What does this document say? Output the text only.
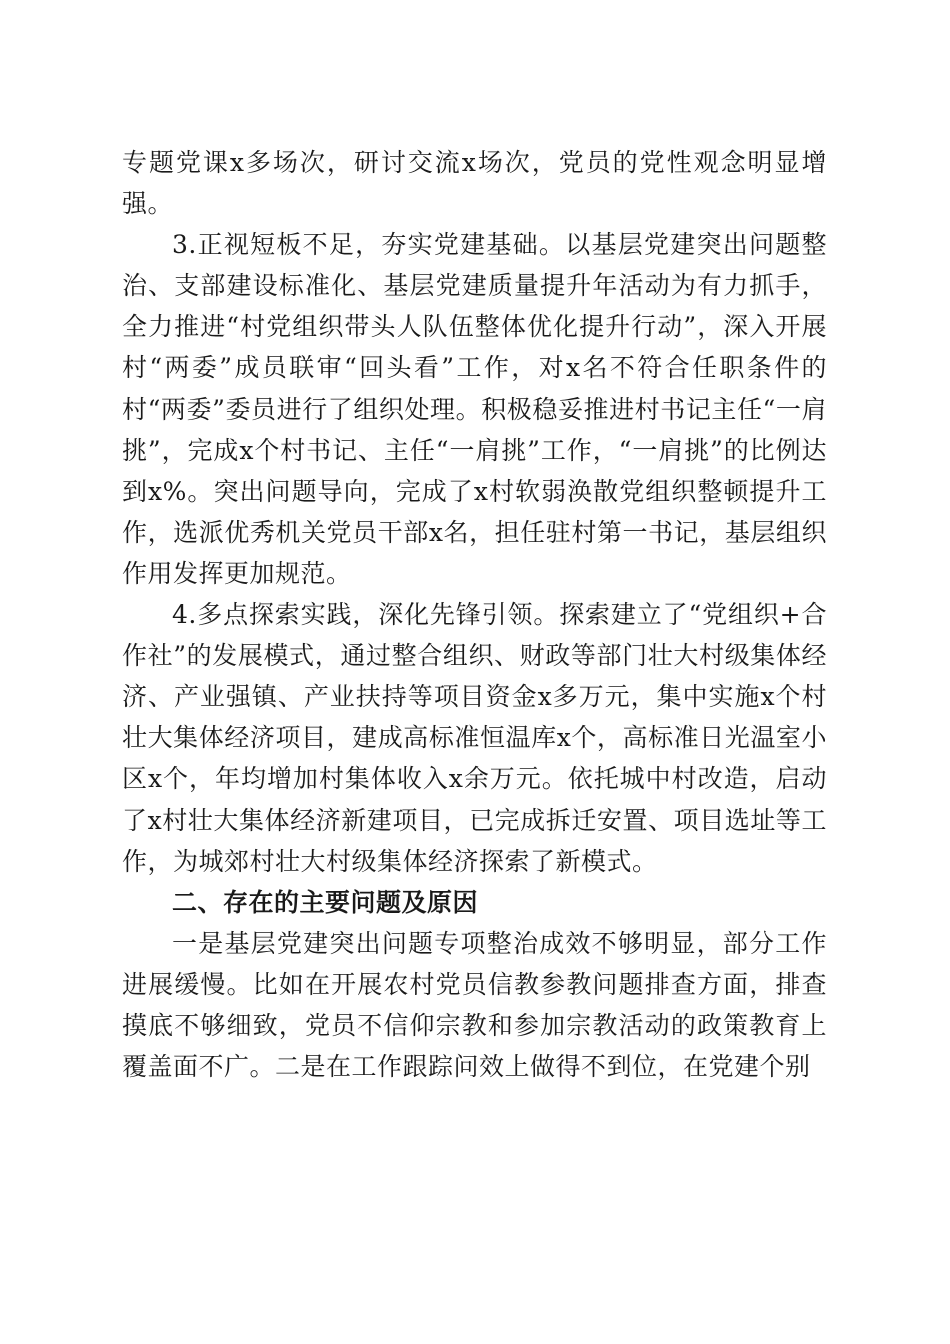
专题党课x多场次，研讨交流x场次，党员的党性观念明显增强。

3.正视短板不足，夯实党建基础。以基层党建突出问题整治、支部建设标准化、基层党建质量提升年活动为有力抓手，全力推进“村党组织带头人队伍整体优化提升行动”，深入开展村“两委”成员联审“回头看”工作，对x名不符合任职条件的村“两委”委员进行了组织处理。积极稳妥推进村书记主任“一肩挑”，完成x个村书记、主任“一肩挑”工作，“一肩挑”的比例达到x%。突出问题导向，完成了x村软弱涣散党组织整顿提升工作，选派优秀机关党员干部x名，担任驻村第一书记，基层组织作用发挥更加规范。

4.多点探索实践，深化先锋引领。探索建立了“党组织+合作社”的发展模式，通过整合组织、财政等部门壮大村级集体经济、产业强镇、产业扶持等项目资金x多万元，集中实施x个村壮大集体经济项目，建成高标准恒温库x个，高标准日光温室小区x个，年均增加村集体收入x余万元。依托城中村改造，启动了x村壮大集体经济新建项目，已完成拆迁安置、项目选址等工作，为城郊村壮大村级集体经济探索了新模式。

二、存在的主要问题及原因

一是基层党建突出问题专项整治成效不够明显，部分工作进展缓慢。比如在开展农村党员信教参教问题排查方面，排查摸底不够细致，党员不信仰宗教和参加宗教活动的政策教育上覆盖面不广。二是在工作跟踪问效上做得不到位，在党建个别
